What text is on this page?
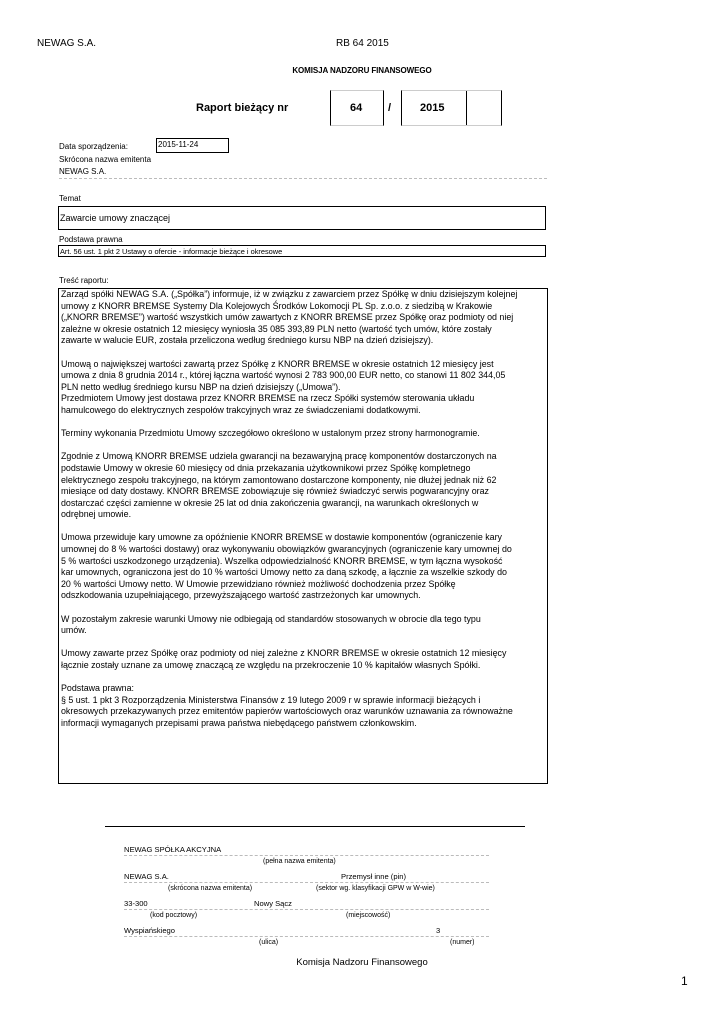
NEWAG S.A.	RB 64 2015
KOMISJA NADZORU FINANSOWEGO
Raport bieżący nr	64 /	2015
Data sporządzenia:	2015-11-24
Skrócona nazwa emitenta
NEWAG S.A.
Temat
Zawarcie umowy znaczącej
Podstawa prawna
Art. 56 ust. 1 pkt 2 Ustawy o ofercie - informacje bieżące i okresowe
Treść raportu:

Zarząd spółki NEWAG S.A. („Spółka”) informuje, iż w związku z zawarciem przez Spółkę w dniu dzisiejszym kolejnej

umowy z KNORR BREMSE Systemy Dla Kolejowych Środków Lokomocji PL Sp. z.o.o. z siedzibą w Krakowie

(„KNORR BREMSE”) wartość wszystkich umów zawartych z KNORR BREMSE przez Spółkę oraz podmioty od niej

zależne w okresie ostatnich 12 miesięcy wyniosła 35 085 393,89 PLN netto (wartość tych umów, które zostały

zawarte w walucie EUR, została przeliczona według średniego kursu NBP na dzień dzisiejszy).

Umową o największej wartości zawartą przez Spółkę z KNORR BREMSE w okresie ostatnich 12 miesięcy jest

umowa z dnia 8 grudnia 2014 r., której łączna wartość wynosi 2 783 900,00 EUR netto, co stanowi 11 802 344,05

PLN netto według średniego kursu NBP na dzień dzisiejszy („Umowa”).

Przedmiotem Umowy jest dostawa przez KNORR BREMSE na rzecz Spółki systemów sterowania układu

hamulcowego do elektrycznych zespołów trakcyjnych wraz ze świadczeniami dodatkowymi.

Terminy wykonania Przedmiotu Umowy szczegółowo określono w ustalonym przez strony harmonogramie.

Zgodnie z Umową KNORR BREMSE udziela gwarancji na bezawaryjną pracę komponentów dostarczonych na

podstawie Umowy w okresie 60 miesięcy od dnia przekazania użytkownikowi przez Spółkę kompletnego

elektrycznego zespołu trakcyjnego, na którym zamontowano dostarczone komponenty, nie dłużej jednak niż 62

miesiące od daty dostawy. KNORR BREMSE zobowiązuje się również świadczyć serwis pogwarancyjny oraz

dostarczać części zamienne w okresie 25 lat od dnia zakończenia gwarancji, na warunkach określonych w

odrębnej umowie.

Umowa przewiduje kary umowne za opóźnienie KNORR BREMSE w dostawie komponentów (ograniczenie kary

umownej do 8 % wartości dostawy) oraz wykonywaniu obowiązków gwarancyjnych (ograniczenie kary umownej do

5 % wartości uszkodzonego urządzenia). Wszelka odpowiedzialność KNORR BREMSE, w tym łączna wysokość

kar umownych, ograniczona jest do 10 % wartości Umowy netto za daną szkodę, a łącznie za wszelkie szkody do

20 % wartości Umowy netto. W Umowie przewidziano również możliwość dochodzenia przez Spółkę

odszkodowania uzupełniającego, przewyższającego wartość zastrzeżonych kar umownych.

W pozostałym zakresie warunki Umowy nie odbiegają od standardów stosowanych w obrocie dla tego typu

umów.

Umowy zawarte przez Spółkę oraz podmioty od niej zależne z KNORR BREMSE w okresie ostatnich 12 miesięcy

łącznie zostały uznane za umowę znaczącą ze względu na przekroczenie 10 % kapitałów własnych Spółki.

Podstawa prawna:

§ 5 ust. 1 pkt 3 Rozporządzenia Ministerstwa Finansów z 19 lutego 2009 r w sprawie informacji bieżących i

okresowych przekazywanych przez emitentów papierów wartościowych oraz warunków uznawania za równoważne

informacji wymaganych przepisami prawa państwa niebędącego państwem członkowskim.

NEWAG SPÓŁKA AKCYJNA
(pełna nazwa emitenta)
NEWAG S.A.	Przemysł inne (pin)
(skrócona nazwa emitenta)	(sektor wg. klasyfikacji GPW w W-wie)
33-300	Nowy Sącz
(kod pocztowy)	(miejscowość)
Wyspiańskiego	3
(ulica)	(numer)
Komisja Nadzoru Finansowego
1
